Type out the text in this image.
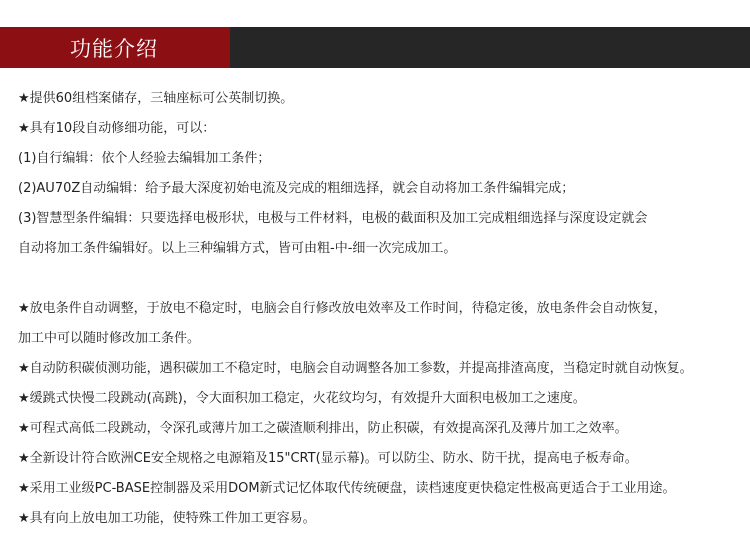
功能介绍
★提供60组档案储存，三轴座标可公英制切换。
★具有10段自动修细功能，可以：
(1)自行编辑：依个人经验去编辑加工条件；
(2)AU70Z自动编辑：给予最大深度初始电流及完成的粗细选择，就会自动将加工条件编辑完成；
(3)智慧型条件编辑：只要选择电极形状，电极与工件材料，电极的截面积及加工完成粗细选择与深度设定就会
自动将加工条件编辑好。以上三种编辑方式，皆可由粗-中-细一次完成加工。
★放电条件自动调整，于放电不稳定时，电脑会自行修改放电效率及工作时间，待稳定後，放电条件会自动恢复，
加工中可以随时修改加工条件。
★自动防积碳侦测功能，遇积碳加工不稳定时，电脑会自动调整各加工参数，并提高排渣高度，当稳定时就自动恢复。
★缓跳式快慢二段跳动(高跳)，令大面积加工稳定，火花纹均匀，有效提升大面积电极加工之速度。
★可程式高低二段跳动，令深孔或薄片加工之碳渣顺利排出，防止积碳，有效提高深孔及薄片加工之效率。
★全新设计符合欧洲CE安全规格之电源箱及15"CRT(显示幕)。可以防尘、防水、防干扰，提高电子板寿命。
★采用工业级PC-BASE控制器及采用DOM新式记忆体取代传统硬盘，读档速度更快稳定性极高更适合于工业用途。
★具有向上放电加工功能，使特殊工件加工更容易。
